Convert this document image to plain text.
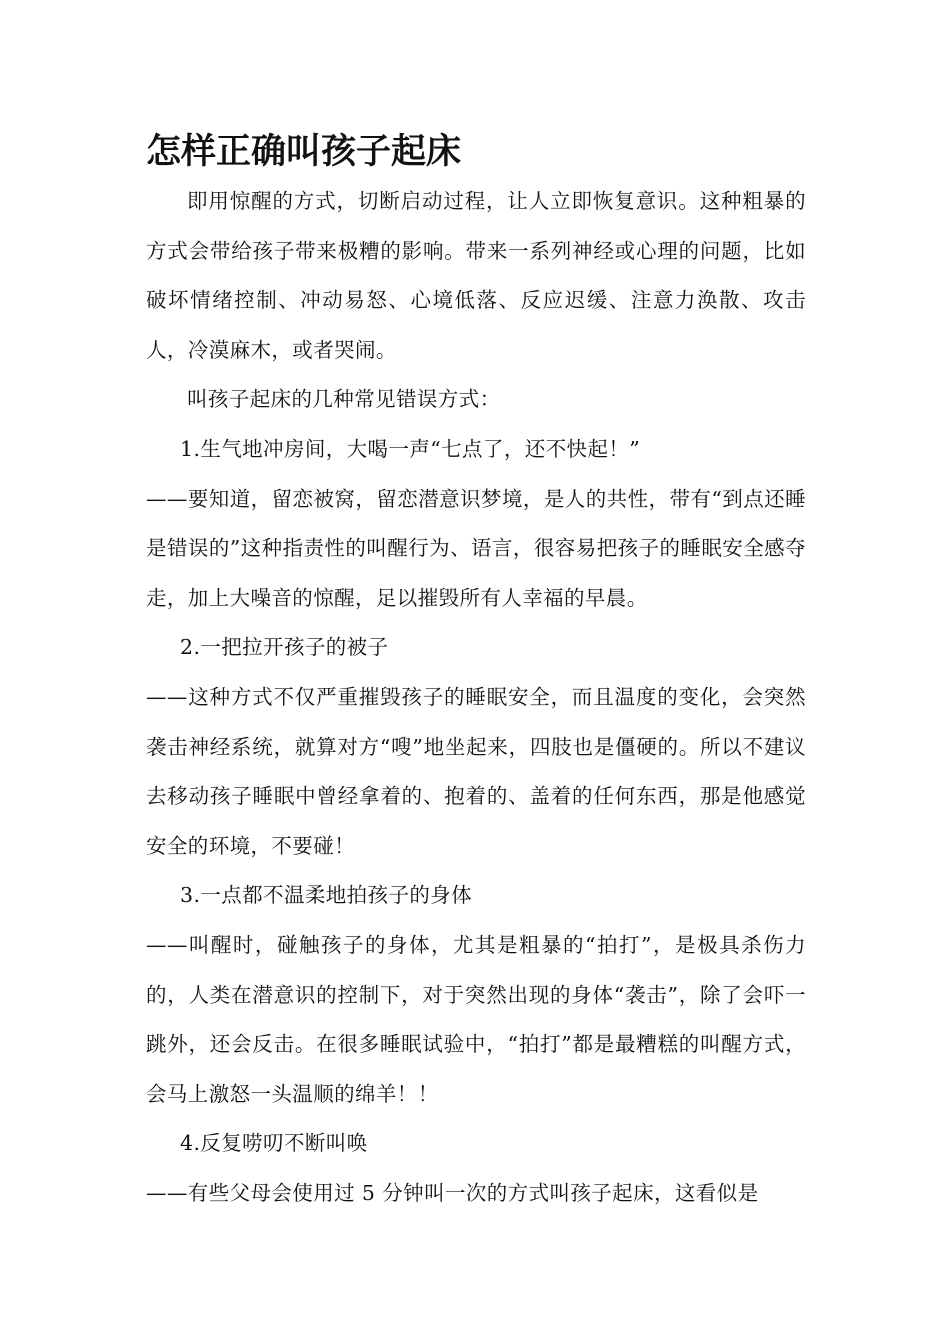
怎样正确叫孩子起床

即用惊醒的方式，切断启动过程，让人立即恢复意识。这种粗暴的方式会带给孩子带来极糟的影响。带来一系列神经或心理的问题，比如破坏情绪控制、冲动易怒、心境低落、反应迟缓、注意力涣散、攻击人，冷漠麻木，或者哭闹。

叫孩子起床的几种常见错误方式：

1.生气地冲房间，大喝一声“七点了，还不快起！”

——要知道，留恋被窝，留恋潜意识梦境，是人的共性，带有“到点还睡是错误的”这种指责性的叫醒行为、语言，很容易把孩子的睡眠安全感夺走，加上大噪音的惊醒，足以摧毁所有人幸福的早晨。

2.一把拉开孩子的被子

——这种方式不仅严重摧毁孩子的睡眠安全，而且温度的变化，会突然袭击神经系统，就算对方“嗖”地坐起来，四肢也是僵硬的。所以不建议去移动孩子睡眠中曾经拿着的、抱着的、盖着的任何东西，那是他感觉安全的环境，不要碰！

3.一点都不温柔地拍孩子的身体

——叫醒时，碰触孩子的身体，尤其是粗暴的“拍打”，是极具杀伤力的，人类在潜意识的控制下，对于突然出现的身体“袭击”，除了会吓一跳外，还会反击。在很多睡眠试验中，“拍打”都是最糟糕的叫醒方式，会马上激怒一头温顺的绵羊！！

4.反复唠叨不断叫唤

——有些父母会使用过 5 分钟叫一次的方式叫孩子起床，这看似是
